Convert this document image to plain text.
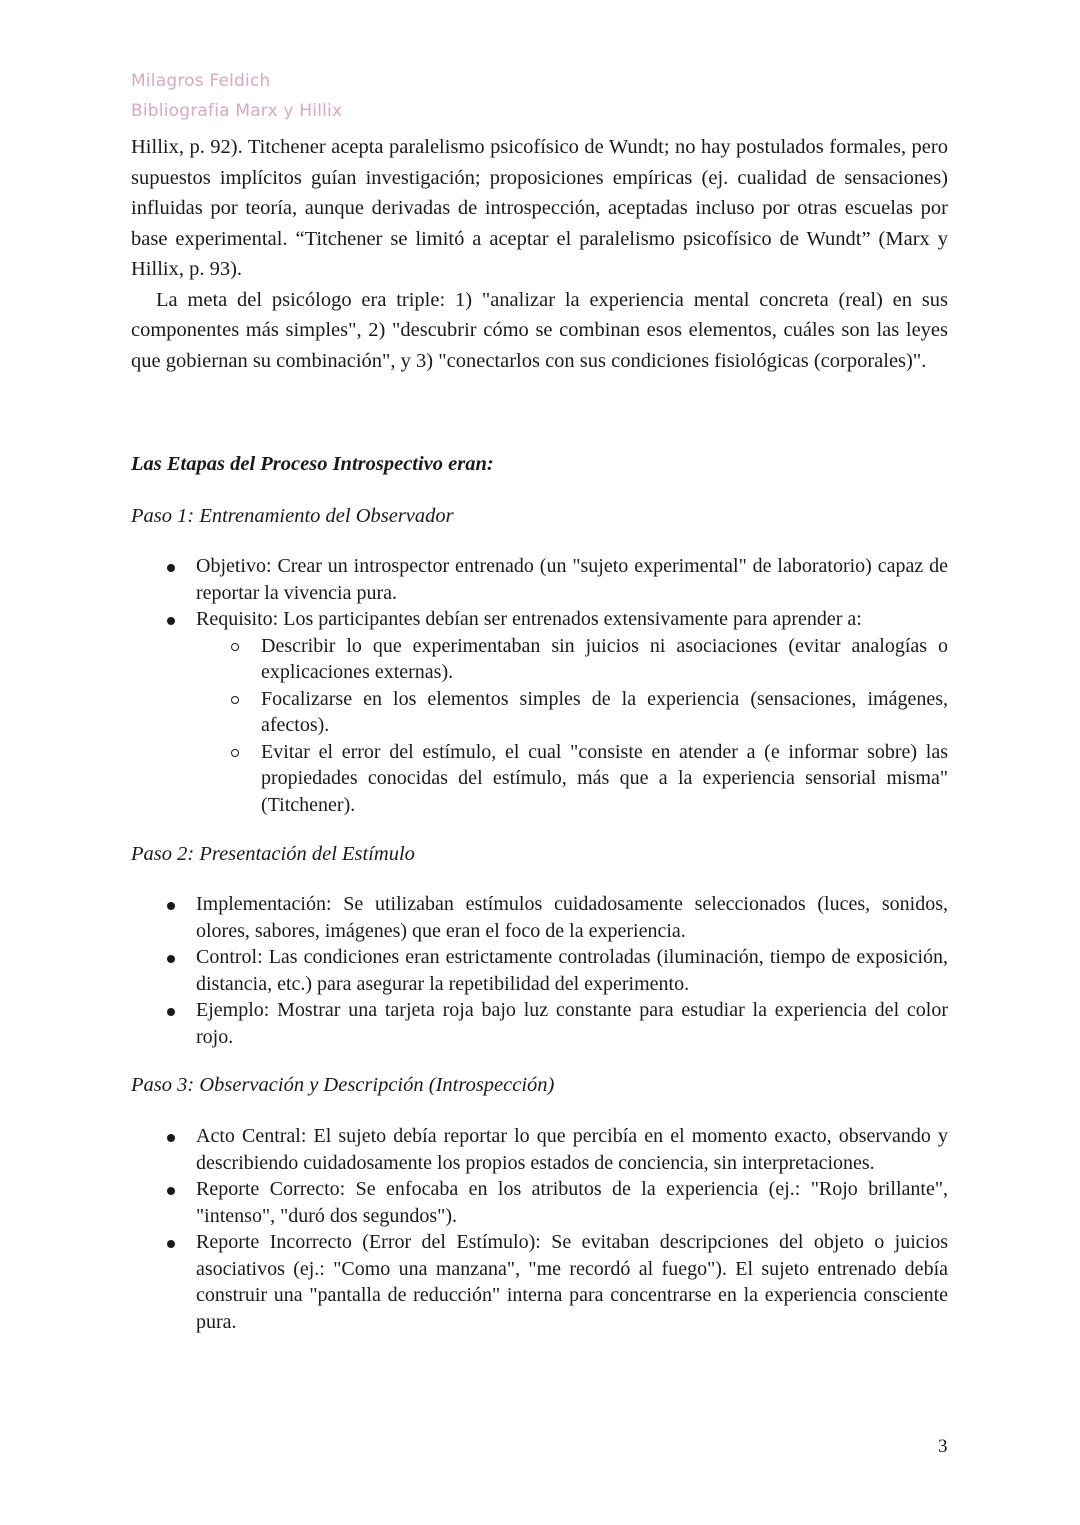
Milagros Feldich
Bibliografia Marx y Hillix

Hillix, p. 92). Titchener acepta paralelismo psicofísico de Wundt; no hay postulados formales, pero supuestos implícitos guían investigación; proposiciones empíricas (ej. cualidad de sensaciones) influidas por teoría, aunque derivadas de introspección, aceptadas incluso por otras escuelas por base experimental. “Titchener se limitó a aceptar el paralelismo psicofísico de Wundt” (Marx y Hillix, p. 93).

La meta del psicólogo era triple: 1) "analizar la experiencia mental concreta (real) en sus componentes más simples", 2) "descubrir cómo se combinan esos elementos, cuáles son las leyes que gobiernan su combinación", y 3) "conectarlos con sus condiciones fisiológicas (corporales)".

Las Etapas del Proceso Introspectivo eran:
Paso 1: Entrenamiento del Observador
Objetivo: Crear un introspector entrenado (un "sujeto experimental" de laboratorio) capaz de reportar la vivencia pura.
Requisito: Los participantes debían ser entrenados extensivamente para aprender a:
Describir lo que experimentaban sin juicios ni asociaciones (evitar analogías o explicaciones externas).
Focalizarse en los elementos simples de la experiencia (sensaciones, imágenes, afectos).
Evitar el error del estímulo, el cual "consiste en atender a (e informar sobre) las propiedades conocidas del estímulo, más que a la experiencia sensorial misma" (Titchener).
Paso 2: Presentación del Estímulo
Implementación: Se utilizaban estímulos cuidadosamente seleccionados (luces, sonidos, olores, sabores, imágenes) que eran el foco de la experiencia.
Control: Las condiciones eran estrictamente controladas (iluminación, tiempo de exposición, distancia, etc.) para asegurar la repetibilidad del experimento.
Ejemplo: Mostrar una tarjeta roja bajo luz constante para estudiar la experiencia del color rojo.
Paso 3: Observación y Descripción (Introspección)
Acto Central: El sujeto debía reportar lo que percibía en el momento exacto, observando y describiendo cuidadosamente los propios estados de conciencia, sin interpretaciones.
Reporte Correcto: Se enfocaba en los atributos de la experiencia (ej.: "Rojo brillante", "intenso", "duró dos segundos").
Reporte Incorrecto (Error del Estímulo): Se evitaban descripciones del objeto o juicios asociativos (ej.: "Como una manzana", "me recordó al fuego"). El sujeto entrenado debía construir una "pantalla de reducción" interna para concentrarse en la experiencia consciente pura.
3
